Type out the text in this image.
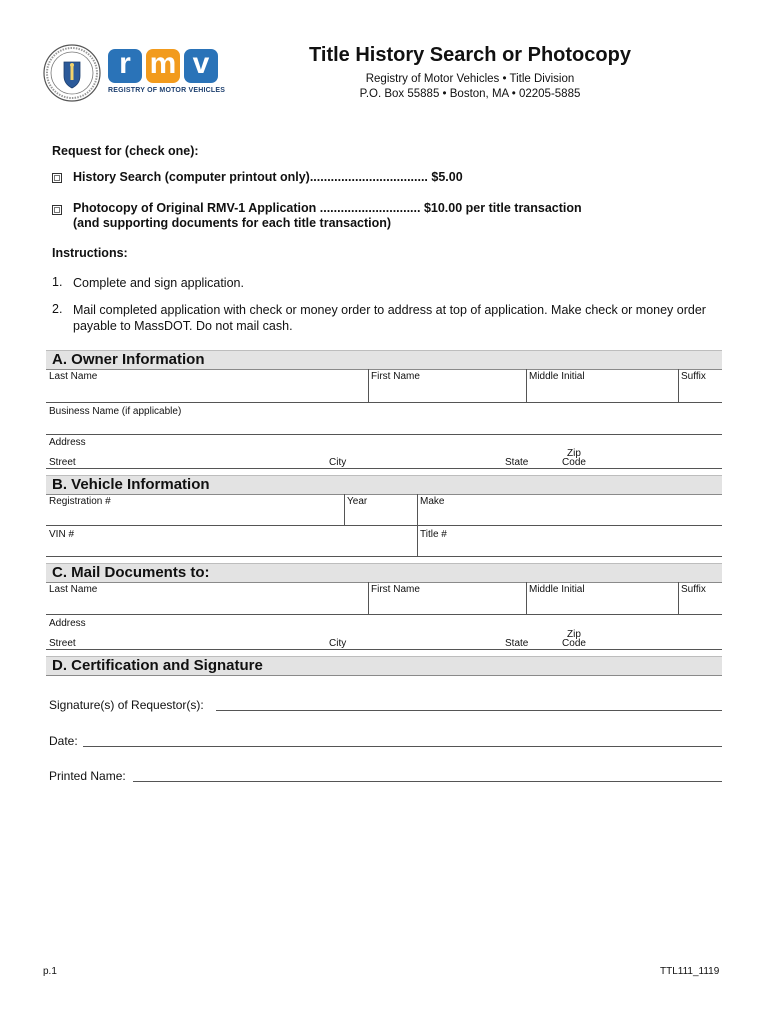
r m v
REGISTRY OF MOTOR VEHICLES
Title History Search or Photocopy
Registry of Motor Vehicles • Title Division
P.O. Box 55885 • Boston, MA • 02205-5885
Request for (check one):
History Search (computer printout only).................................. $5.00
Photocopy of Original RMV-1 Application ............................. $10.00 per title transaction
(and supporting documents for each title transaction)
Instructions:
1. Complete and sign application.
2. Mail completed application with check or money order to address at top of application. Make check or money order payable to MassDOT. Do not mail cash.
A. Owner Information
Last Name	First Name	Middle Initial	Suffix
Business Name (if applicable)
Address
Street	City	State
Zip
Code
B. Vehicle Information
Registration #	Year	Make
VIN #	Title #
C. Mail Documents to:
Last Name	First Name	Middle Initial	Suffix
Address
Street	City	State
Zip
Code
D. Certification and Signature
Signature(s) of Requestor(s):
Date:
Printed Name:
p.1	TTL111_1119
